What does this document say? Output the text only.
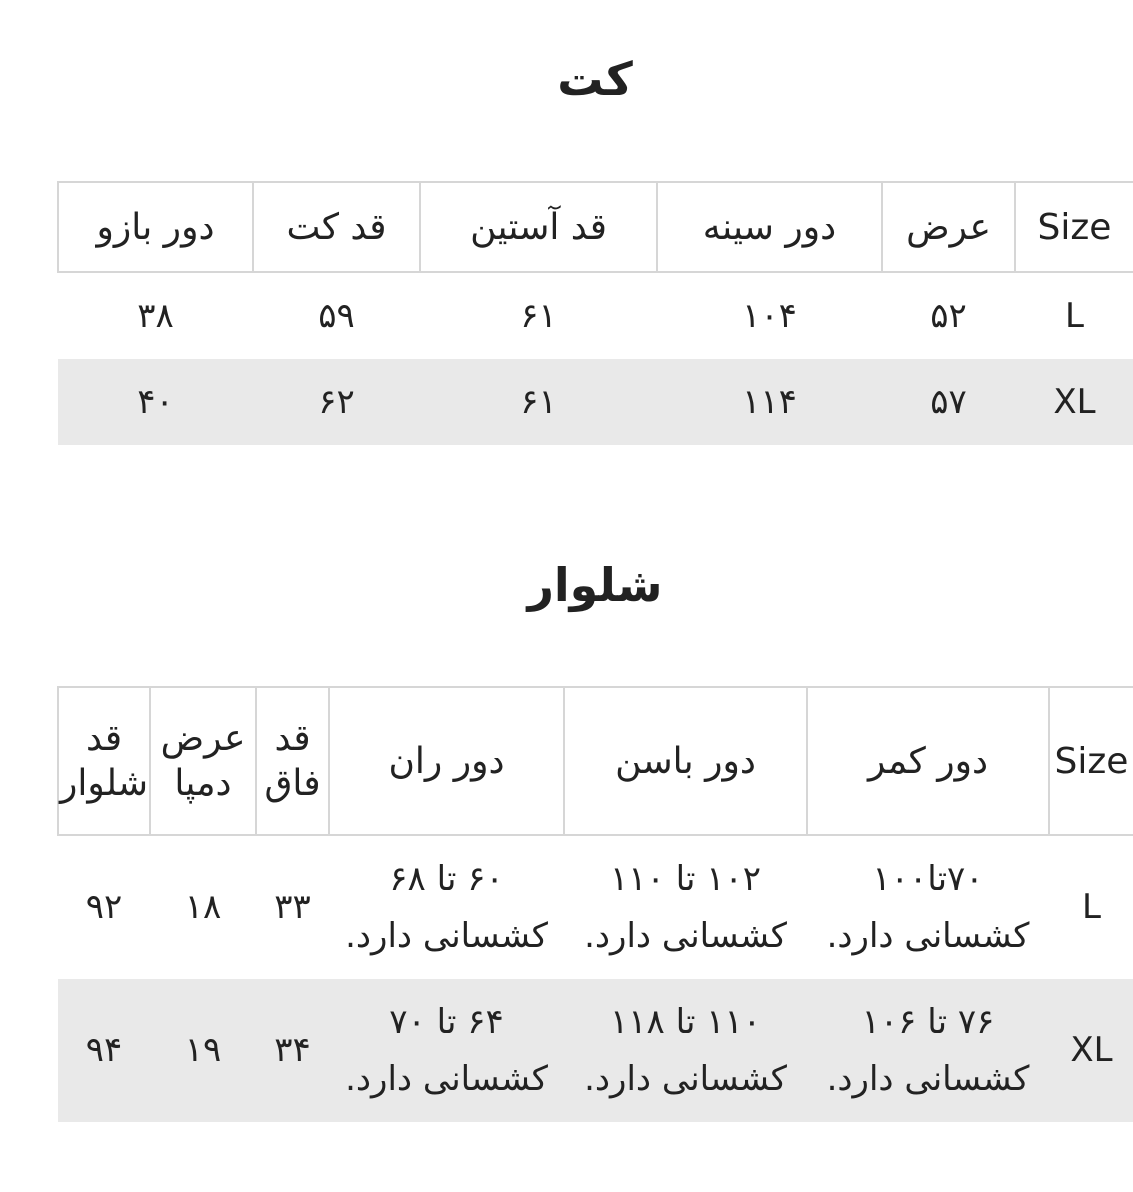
کت
Size	عرض	دور سینه	قد آستین	قد کت	دور بازو
L	۵۲	۱۰۴	۶۱	۵۹	۳۸
XL	۵۷	۱۱۴	۶۱	۶۲	۴۰
شلوار
Size	دور کمر	دور باسن	دور ران	قد فاق	عرض دمپا	قد شلوار
L	۷۰تا۱۰۰ کشسانی دارد.	۱۰۲ تا ۱۱۰ کشسانی دارد.	۶۰ تا ۶۸ کشسانی دارد.	۳۳	۱۸	۹۲
XL	۷۶ تا ۱۰۶ کشسانی دارد.	۱۱۰ تا ۱۱۸ کشسانی دارد.	۶۴ تا ۷۰ کشسانی دارد.	۳۴	۱۹	۹۴
